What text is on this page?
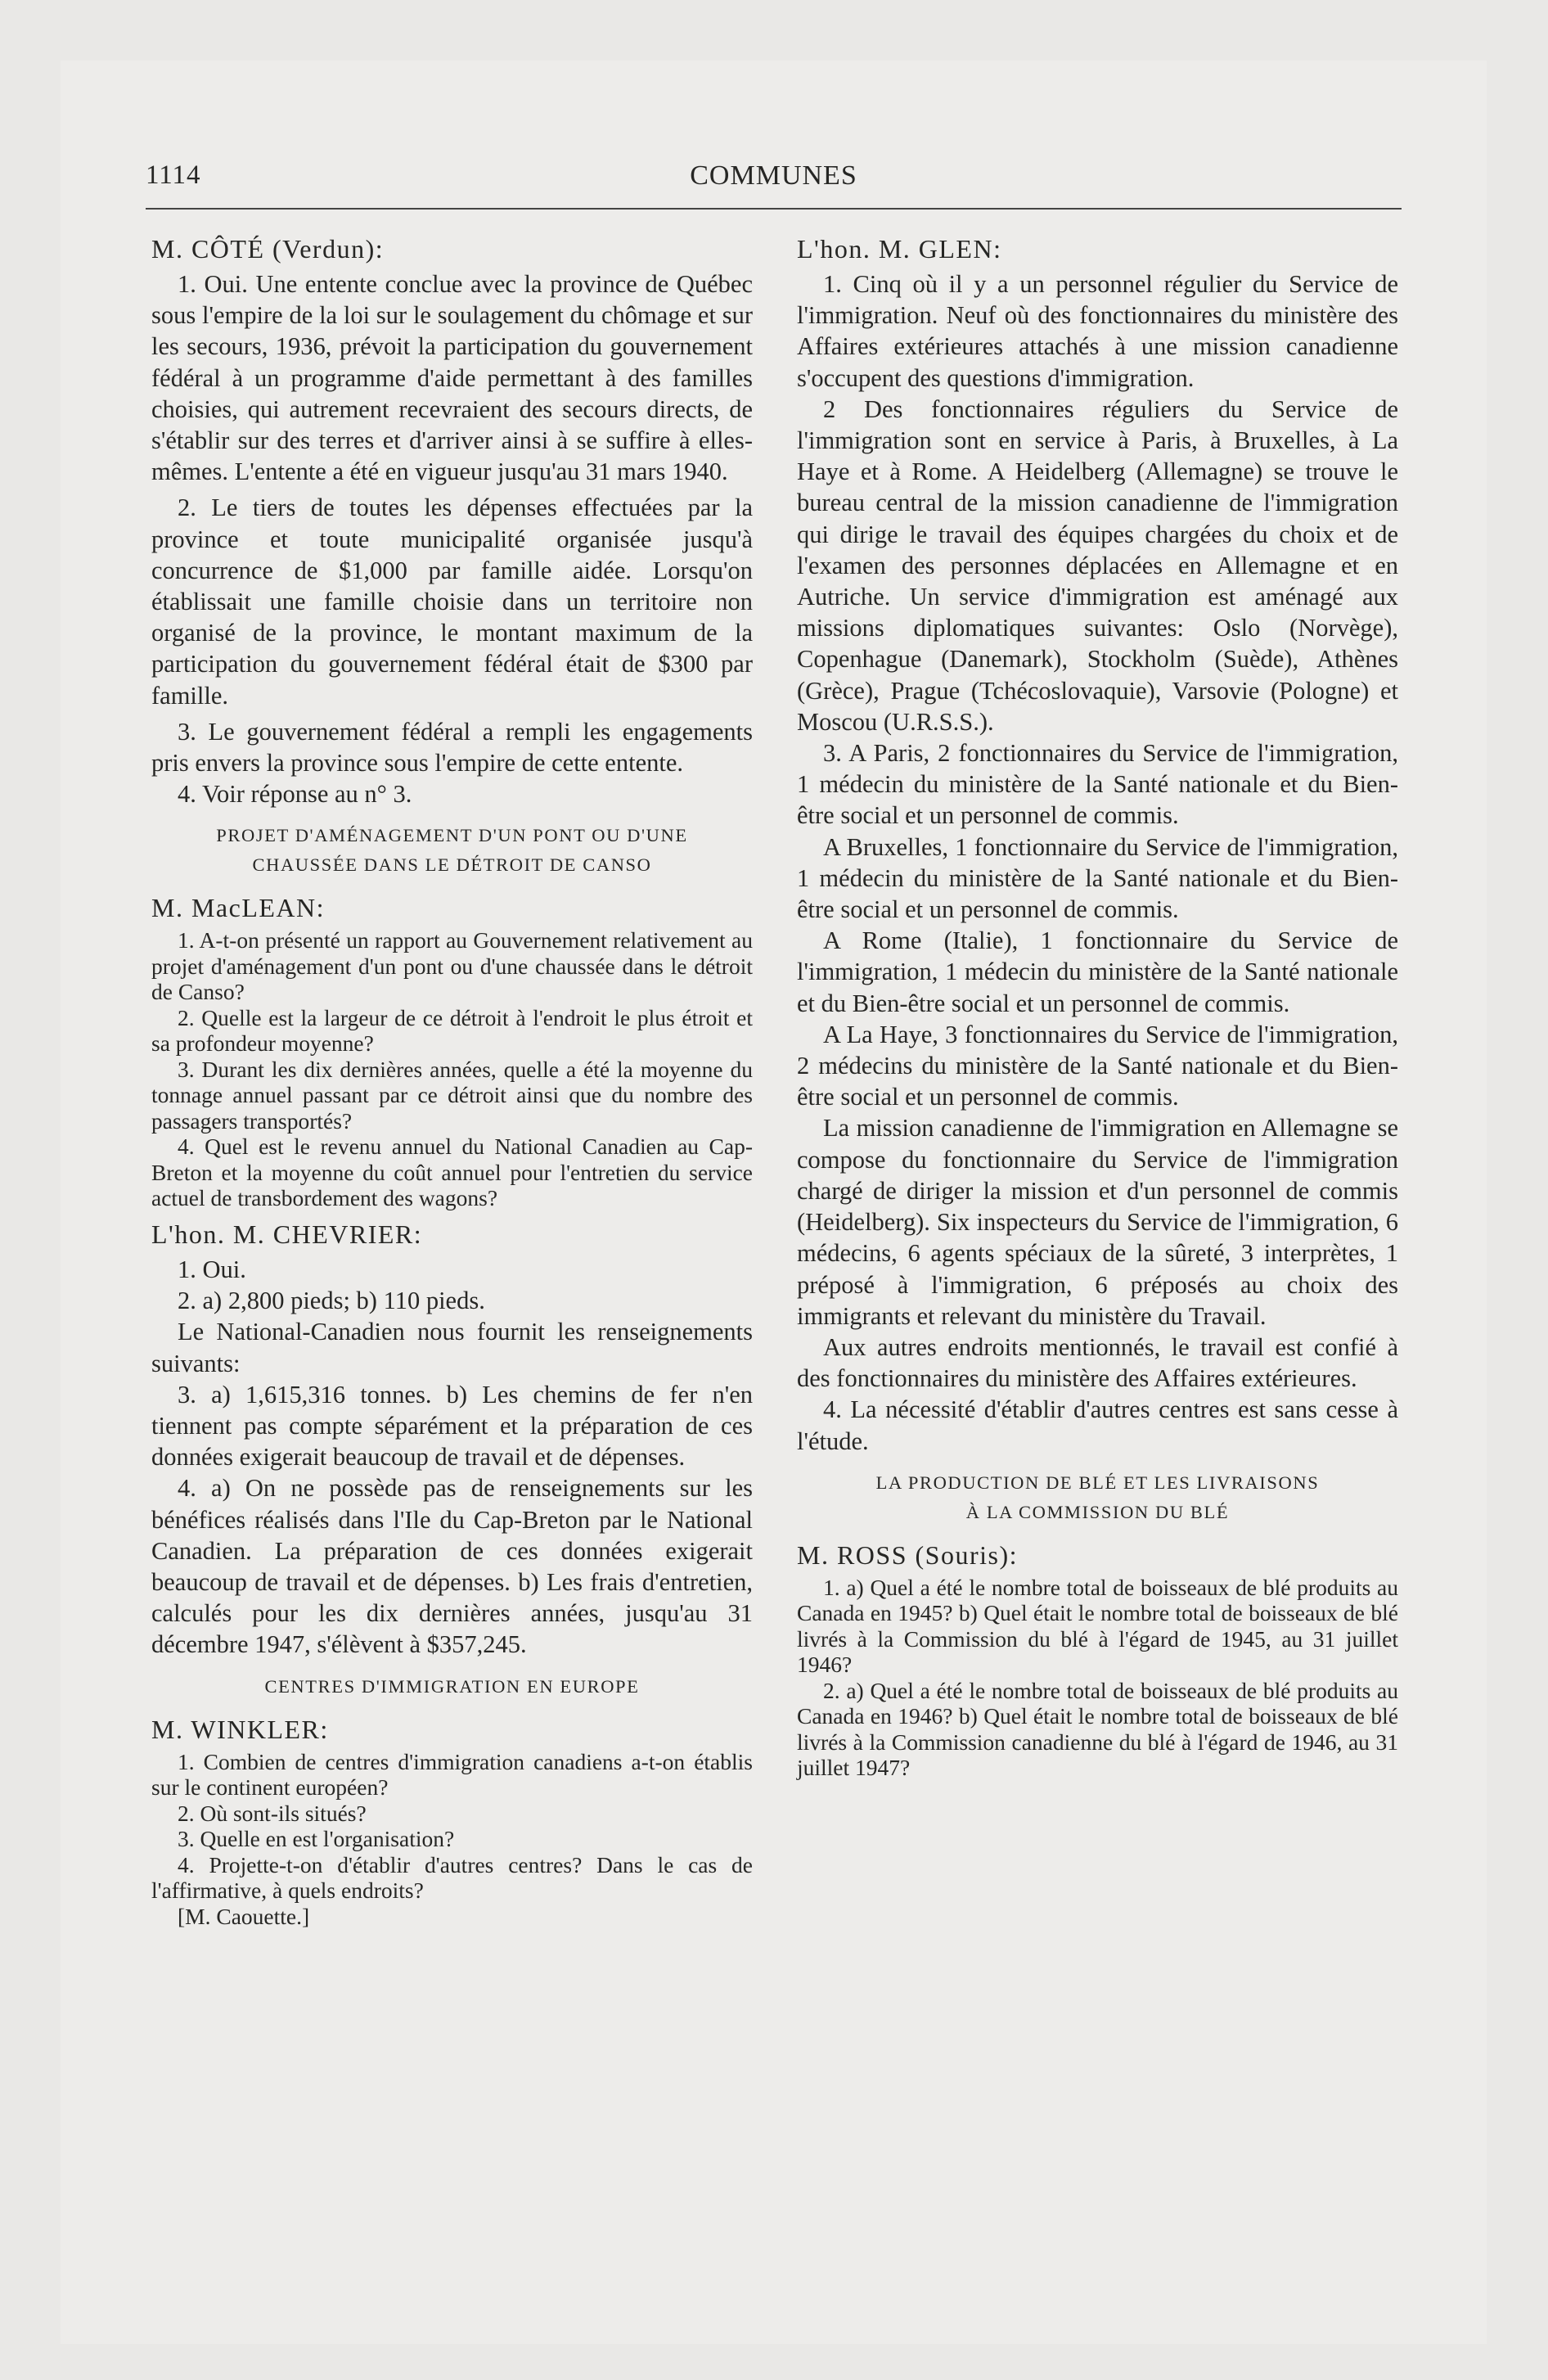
1114	COMMUNES
M. CÔTÉ (Verdun):

1. Oui. Une entente conclue avec la province de Québec sous l'empire de la loi sur le soulagement du chômage et sur les secours, 1936, prévoit la participation du gouvernement fédéral à un programme d'aide permettant à des familles choisies, qui autrement recevraient des secours directs, de s'établir sur des terres et d'arriver ainsi à se suffire à elles-mêmes. L'entente a été en vigueur jusqu'au 31 mars 1940.

2. Le tiers de toutes les dépenses effectuées par la province et toute municipalité organisée jusqu'à concurrence de $1,000 par famille aidée. Lorsqu'on établissait une famille choisie dans un territoire non organisé de la province, le montant maximum de la participation du gouvernement fédéral était de $300 par famille.

3. Le gouvernement fédéral a rempli les engagements pris envers la province sous l'empire de cette entente.

4. Voir réponse au n° 3.

PROJET D'AMÉNAGEMENT D'UN PONT OU D'UNE
CHAUSSÉE DANS LE DÉTROIT DE CANSO
M. MacLEAN:

1. A-t-on présenté un rapport au Gouvernement relativement au projet d'aménagement d'un pont ou d'une chaussée dans le détroit de Canso?

2. Quelle est la largeur de ce détroit à l'endroit le plus étroit et sa profondeur moyenne?

3. Durant les dix dernières années, quelle a été la moyenne du tonnage annuel passant par ce détroit ainsi que du nombre des passagers transportés?

4. Quel est le revenu annuel du National Canadien au Cap-Breton et la moyenne du coût annuel pour l'entretien du service actuel de transbordement des wagons?

L'hon. M. CHEVRIER:

1. Oui.

2. a) 2,800 pieds; b) 110 pieds.

Le National-Canadien nous fournit les renseignements suivants:

3. a) 1,615,316 tonnes. b) Les chemins de fer n'en tiennent pas compte séparément et la préparation de ces données exigerait beaucoup de travail et de dépenses.

4. a) On ne possède pas de renseignements sur les bénéfices réalisés dans l'Ile du Cap-Breton par le National Canadien. La préparation de ces données exigerait beaucoup de travail et de dépenses. b) Les frais d'entretien, calculés pour les dix dernières années, jusqu'au 31 décembre 1947, s'élèvent à $357,245.

CENTRES D'IMMIGRATION EN EUROPE
M. WINKLER:

1. Combien de centres d'immigration canadiens a-t-on établis sur le continent européen?

2. Où sont-ils situés?

3. Quelle en est l'organisation?

4. Projette-t-on d'établir d'autres centres? Dans le cas de l'affirmative, à quels endroits?

[M. Caouette.]

L'hon. M. GLEN:

1. Cinq où il y a un personnel régulier du Service de l'immigration. Neuf où des fonctionnaires du ministère des Affaires extérieures attachés à une mission canadienne s'occupent des questions d'immigration.

2 Des fonctionnaires réguliers du Service de l'immigration sont en service à Paris, à Bruxelles, à La Haye et à Rome. A Heidelberg (Allemagne) se trouve le bureau central de la mission canadienne de l'immigration qui dirige le travail des équipes chargées du choix et de l'examen des personnes déplacées en Allemagne et en Autriche. Un service d'immigration est aménagé aux missions diplomatiques suivantes: Oslo (Norvège), Copenhague (Danemark), Stockholm (Suède), Athènes (Grèce), Prague (Tchécoslovaquie), Varsovie (Pologne) et Moscou (U.R.S.S.).

3. A Paris, 2 fonctionnaires du Service de l'immigration, 1 médecin du ministère de la Santé nationale et du Bien-être social et un personnel de commis.

A Bruxelles, 1 fonctionnaire du Service de l'immigration, 1 médecin du ministère de la Santé nationale et du Bien-être social et un personnel de commis.

A Rome (Italie), 1 fonctionnaire du Service de l'immigration, 1 médecin du ministère de la Santé nationale et du Bien-être social et un personnel de commis.

A La Haye, 3 fonctionnaires du Service de l'immigration, 2 médecins du ministère de la Santé nationale et du Bien-être social et un personnel de commis.

La mission canadienne de l'immigration en Allemagne se compose du fonctionnaire du Service de l'immigration chargé de diriger la mission et d'un personnel de commis (Heidelberg). Six inspecteurs du Service de l'immigration, 6 médecins, 6 agents spéciaux de la sûreté, 3 interprètes, 1 préposé à l'immigration, 6 préposés au choix des immigrants et relevant du ministère du Travail.

Aux autres endroits mentionnés, le travail est confié à des fonctionnaires du ministère des Affaires extérieures.

4. La nécessité d'établir d'autres centres est sans cesse à l'étude.

LA PRODUCTION DE BLÉ ET LES LIVRAISONS
À LA COMMISSION DU BLÉ
M. ROSS (Souris):

1. a) Quel a été le nombre total de boisseaux de blé produits au Canada en 1945? b) Quel était le nombre total de boisseaux de blé livrés à la Commission du blé à l'égard de 1945, au 31 juillet 1946?

2. a) Quel a été le nombre total de boisseaux de blé produits au Canada en 1946? b) Quel était le nombre total de boisseaux de blé livrés à la Commission canadienne du blé à l'égard de 1946, au 31 juillet 1947?
